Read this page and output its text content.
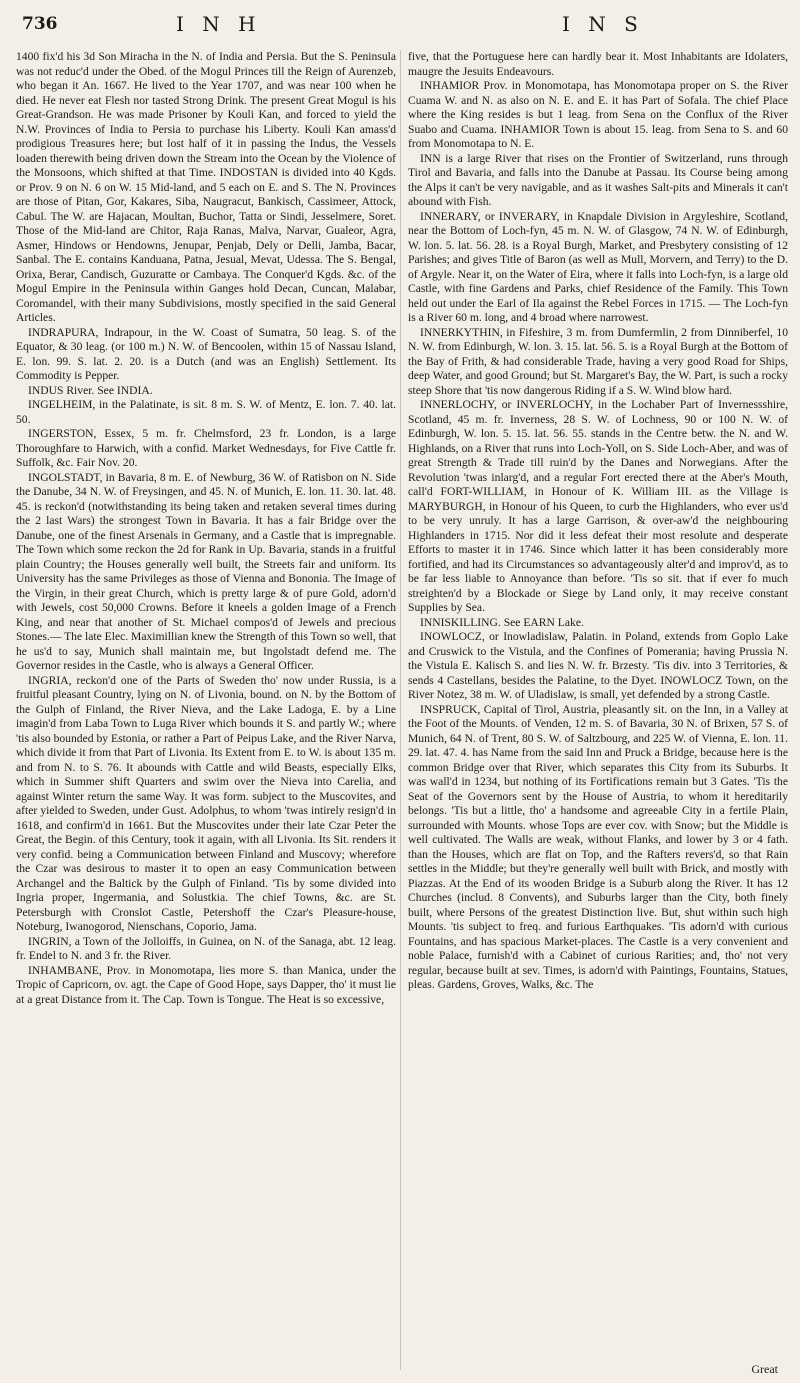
736	I N H	I N S

1400 fix'd his 3d Son Miracha in the N. of India and Persia. But the S. Peninsula was not reduc'd under the Obed. of the Mogul Princes till the Reign of Aurenzeb, who began it An. 1667. He lived to the Year 1707, and was near 100 when he died. He never eat Flesh nor tasted Strong Drink. The present Great Mogul is his Great-Grandson. He was made Prisoner by Kouli Kan, and forced to yield the N.W. Provinces of India to Persia to purchase his Liberty. Kouli Kan amass'd prodigious Treasures here; but lost half of it in passing the Indus, the Vessels loaden therewith being driven down the Stream into the Ocean by the Violence of the Monsoons, which shifted at that Time. INDOSTAN is divided into 40 Kgds. or Prov. 9 on N. 6 on W. 15 Mid-land, and 5 each on E. and S. The N. Provinces are those of Pitan, Gor, Kakares, Siba, Naugracut, Bankisch, Cassimeer, Attock, Cabul. The W. are Hajacan, Moultan, Buchor, Tatta or Sindi, Jesselmere, Soret. Those of the Mid-land are Chitor, Raja Ranas, Malva, Narvar, Gualeor, Agra, Asmer, Hindows or Hendowns, Jenupar, Penjab, Dely or Delli, Jamba, Bacar, Sanbal. The E. contains Kanduana, Patna, Jesual, Mevat, Udessa. The S. Bengal, Orixa, Berar, Candisch, Guzuratte or Cambaya. The Conquer'd Kgds. &c. of the Mogul Empire in the Peninsula within Ganges hold Decan, Cuncan, Malabar, Coromandel, with their many Subdivisions, mostly specified in the said General Articles.

INDRAPURA, Indrapour, in the W. Coast of Sumatra, 50 leag. S. of the Equator, & 30 leag. (or 100 m.) N. W. of Bencoolen, within 15 of Nassau Island, E. lon. 99. S. lat. 2. 20. is a Dutch (and was an English) Settlement. Its Commodity is Pepper.

INDUS River. See INDIA.

INGELHEIM, in the Palatinate, is sit. 8 m. S. W. of Mentz, E. lon. 7. 40. lat. 50.

INGERSTON, Essex, 5 m. fr. Chelmsford, 23 fr. London, is a large Thoroughfare to Harwich, with a confid. Market Wednesdays, for Five Cattle fr. Suffolk, &c. Fair Nov. 20.

INGOLSTADT, in Bavaria, 8 m. E. of Newburg, 36 W. of Ratisbon on N. Side the Danube, 34 N. W. of Freysingen, and 45. N. of Munich, E. lon. 11. 30. lat. 48. 45. is reckon'd (notwithstanding its being taken and retaken several times during the 2 last Wars) the strongest Town in Bavaria. It has a fair Bridge over the Danube, one of the finest Arsenals in Germany, and a Castle that is impregnable. The Town which some reckon the 2d for Rank in Up. Bavaria, stands in a fruitful plain Country; the Houses generally well built, the Streets fair and uniform. Its University has the same Privileges as those of Vienna and Bononia. The Image of the Virgin, in their great Church, which is pretty large & of pure Gold, adorn'd with Jewels, cost 50,000 Crowns. Before it kneels a golden Image of a French King, and near that another of St. Michael compos'd of Jewels and precious Stones.— The late Elec. Maximillian knew the Strength of this Town so well, that he us'd to say, Munich shall maintain me, but Ingolstadt defend me. The Governor resides in the Castle, who is always a General Officer.

INGRIA, reckon'd one of the Parts of Sweden tho' now under Russia, is a fruitful pleasant Country, lying on N. of Livonia, bound. on N. by the Bottom of the Gulph of Finland, the River Nieva, and the Lake Ladoga, E. by a Line imagin'd from Laba Town to Luga River which bounds it S. and partly W.; where 'tis also bounded by Estonia, or rather a Part of Peipus Lake, and the River Narva, which divide it from that Part of Livonia. Its Extent from E. to W. is about 135 m. and from N. to S. 76. It abounds with Cattle and wild Beasts, especially Elks, which in Summer shift Quarters and swim over the Nieva into Carelia, and against Winter return the same Way. It was form. subject to the Muscovites, and after yielded to Sweden, under Gust. Adolphus, to whom 'twas intirely resign'd in 1618, and confirm'd in 1661. But the Muscovites under their late Czar Peter the Great, the Begin. of this Century, took it again, with all Livonia. Its Sit. renders it very confid. being a Communication between Finland and Muscovy; wherefore the Czar was desirous to master it to open an easy Communication between Archangel and the Baltick by the Gulph of Finland. 'Tis by some divided into Ingria proper, Ingermania, and Solustkia. The chief Towns, &c. are St. Petersburgh with Cronslot Castle, Petershoff the Czar's Pleasure-house, Noteburg, Iwanogorod, Nienschans, Coporio, Jama.

INGRIN, a Town of the Jolloiffs, in Guinea, on N. of the Sanaga, abt. 12 leag. fr. Endel to N. and 3 fr. the River.

INHAMBANE, Prov. in Monomotapa, lies more S. than Manica, under the Tropic of Capricorn, ov. agt. the Cape of Good Hope, says Dapper, tho' it must lie at a great Distance from it. The Cap. Town is Tongue. The Heat is so excessive,

five, that the Portuguese here can hardly bear it. Most Inhabitants are Idolaters, maugre the Jesuits Endeavours.

INHAMIOR Prov. in Monomotapa, has Monomotapa proper on S. the River Cuama W. and N. as also on N. E. and E. it has Part of Sofala. The chief Place where the King resides is but 1 leag. from Sena on the Conflux of the River Suabo and Cuama. INHAMIOR Town is about 15. leag. from Sena to S. and 60 from Monomotapa to N. E.

INN is a large River that rises on the Frontier of Switzerland, runs through Tirol and Bavaria, and falls into the Danube at Passau. Its Course being among the Alps it can't be very navigable, and as it washes Salt-pits and Minerals it can't abound with Fish.

INNERARY, or INVERARY, in Knapdale Division in Argyleshire, Scotland, near the Bottom of Loch-fyn, 45 m. N. W. of Glasgow, 74 N. W. of Edinburgh, W. lon. 5. lat. 56. 28. is a Royal Burgh, Market, and Presbytery consisting of 12 Parishes; and gives Title of Baron (as well as Mull, Morvern, and Terry) to the D. of Argyle. Near it, on the Water of Eira, where it falls into Loch-fyn, is a large old Castle, with fine Gardens and Parks, chief Residence of the Family. This Town held out under the Earl of Ila against the Rebel Forces in 1715. — The Loch-fyn is a River 60 m. long, and 4 broad where narrowest.

INNERKYTHIN, in Fifeshire, 3 m. from Dumfermlin, 2 from Dinniberfel, 10 N. W. from Edinburgh, W. lon. 3. 15. lat. 56. 5. is a Royal Burgh at the Bottom of the Bay of Frith, & had considerable Trade, having a very good Road for Ships, deep Water, and good Ground; but St. Margaret's Bay, the W. Part, is such a rocky steep Shore that 'tis now dangerous Riding if a S. W. Wind blow hard.

INNERLOCHY, or INVERLOCHY, in the Lochaber Part of Invernessshire, Scotland, 45 m. fr. Inverness, 28 S. W. of Lochness, 90 or 100 N. W. of Edinburgh, W. lon. 5. 15. lat. 56. 55. stands in the Centre betw. the N. and W. Highlands, on a River that runs into Loch-Yoll, on S. Side Loch-Aber, and was of great Strength & Trade till ruin'd by the Danes and Norwegians. After the Revolution 'twas inlarg'd, and a regular Fort erected there at the Aber's Mouth, call'd FORT-WILLIAM, in Honour of K. William III. as the Village is MARYBURGH, in Honour of his Queen, to curb the Highlanders, who ever us'd to be very unruly. It has a large Garrison, & over-aw'd the neighbouring Highlanders in 1715. Nor did it less defeat their most resolute and desperate Efforts to master it in 1746. Since which latter it has been considerably more fortified, and had its Circumstances so advantageously alter'd and improv'd, as to be far less liable to Annoyance than before. 'Tis so sit. that if ever fo much streighten'd by a Blockade or Siege by Land only, it may receive constant Supplies by Sea.

INNISKILLING. See EARN Lake.

INOWLOCZ, or Inowladislaw, Palatin. in Poland, extends from Goplo Lake and Cruswick to the Vistula, and the Confines of Pomerania; having Prussia N. the Vistula E. Kalisch S. and lies N. W. fr. Brzesty. 'Tis div. into 3 Territories, & sends 4 Castellans, besides the Palatine, to the Dyet. INOWLOCZ Town, on the River Notez, 38 m. W. of Uladislaw, is small, yet defended by a strong Castle.

INSPRUCK, Capital of Tirol, Austria, pleasantly sit. on the Inn, in a Valley at the Foot of the Mounts. of Venden, 12 m. S. of Bavaria, 30 N. of Brixen, 57 S. of Munich, 64 N. of Trent, 80 S. W. of Saltzbourg, and 225 W. of Vienna, E. lon. 11. 29. lat. 47. 4. has Name from the said Inn and Pruck a Bridge, because here is the common Bridge over that River, which separates this City from its Suburbs. It was wall'd in 1234, but nothing of its Fortifications remain but 3 Gates. 'Tis the Seat of the Governors sent by the House of Austria, to whom it hereditarily belongs. 'Tis but a little, tho' a handsome and agreeable City in a fertile Plain, surrounded with Mounts. whose Tops are ever cov. with Snow; but the Middle is well cultivated. The Walls are weak, without Flanks, and lower by 3 or 4 fath. than the Houses, which are flat on Top, and the Rafters revers'd, so that Rain settles in the Middle; but they're generally well built with Brick, and mostly with Piazzas. At the End of its wooden Bridge is a Suburb along the River. It has 12 Churches (includ. 8 Convents), and Suburbs larger than the City, both finely built, where Persons of the greatest Distinction live. But, shut within such high Mounts. 'tis subject to freq. and furious Earthquakes. 'Tis adorn'd with curious Fountains, and has spacious Market-places. The Castle is a very convenient and noble Palace, furnish'd with a Cabinet of curious Rarities; and, tho' not very regular, because built at sev. Times, is adorn'd with Paintings, Fountains, Statues, pleas. Gardens, Groves, Walks, &c. The

Great
